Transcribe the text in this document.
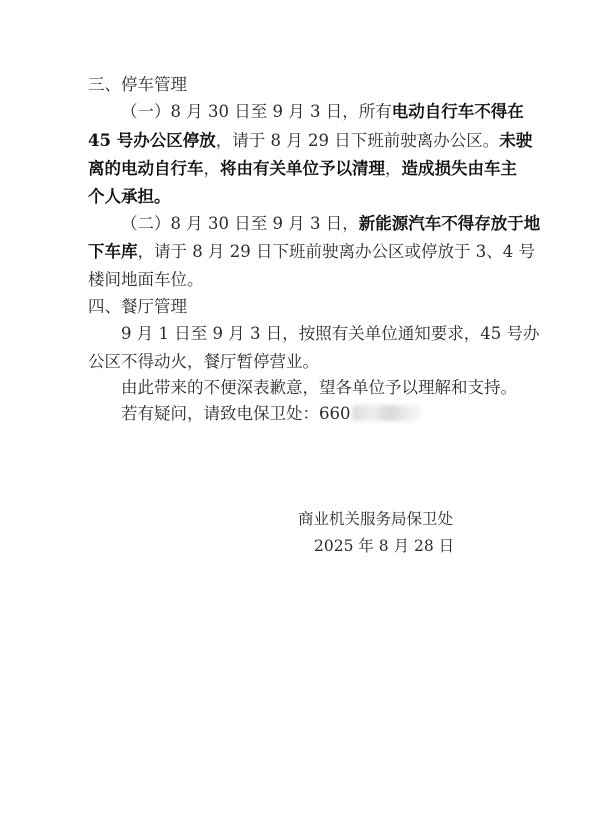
三、停车管理
（一）8 月 30 日至 9 月 3 日，所有电动自行车不得在
45 号办公区停放，请于 8 月 29 日下班前驶离办公区。未驶
离的电动自行车，将由有关单位予以清理，造成损失由车主
个人承担。
（二）8 月 30 日至 9 月 3 日，新能源汽车不得存放于地
下车库，请于 8 月 29 日下班前驶离办公区或停放于 3、4 号
楼间地面车位。
四、餐厅管理
9 月 1 日至 9 月 3 日，按照有关单位通知要求，45 号办
公区不得动火，餐厅暂停营业。
由此带来的不便深表歉意，望各单位予以理解和支持。
若有疑问，请致电保卫处：660
商业机关服务局保卫处
2025 年 8 月 28 日
